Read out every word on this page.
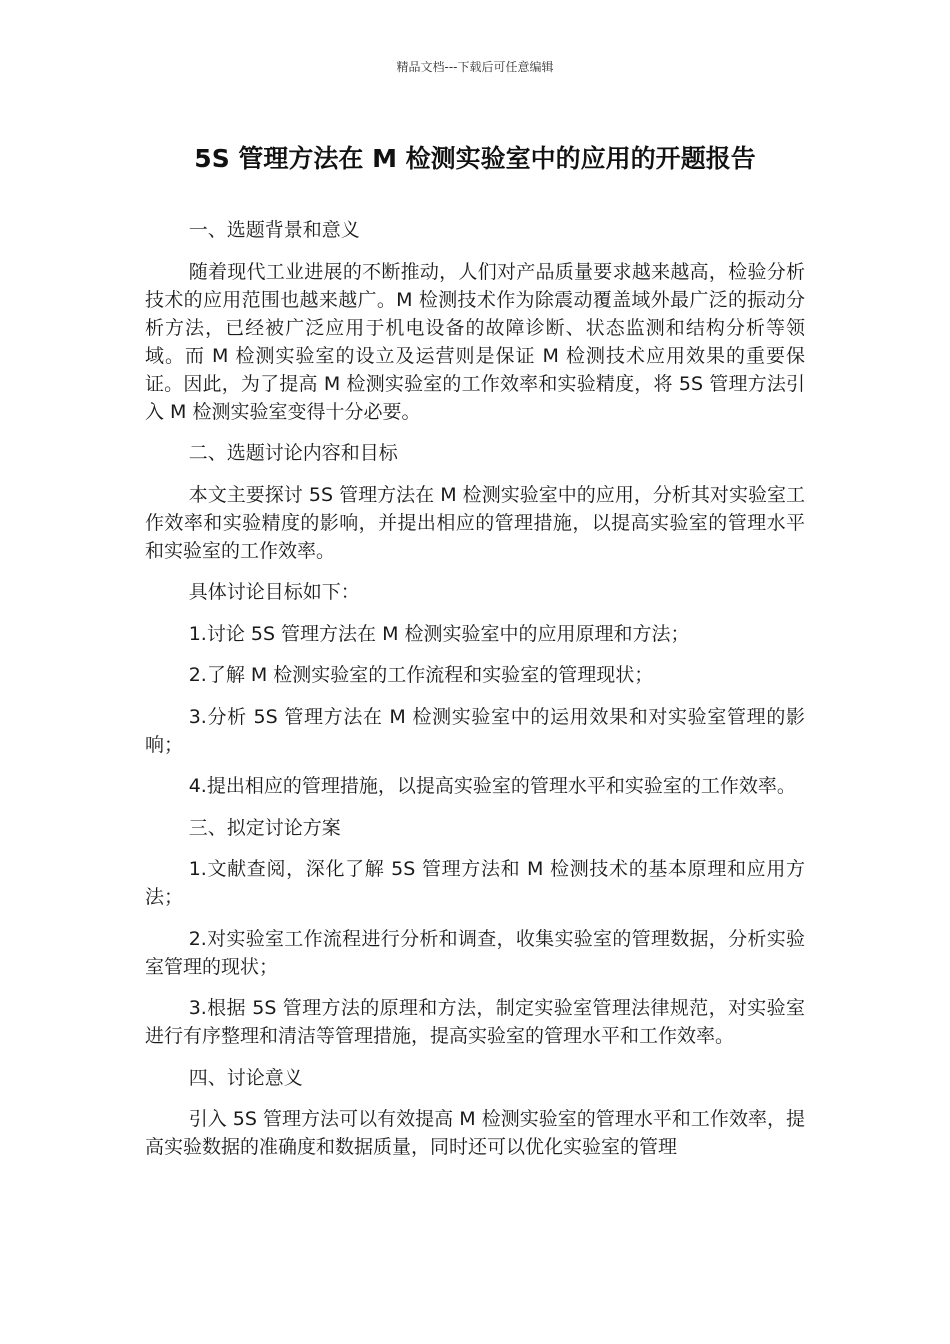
精品文档---下载后可任意编辑
5S 管理方法在 M 检测实验室中的应用的开题报告

一、选题背景和意义

随着现代工业进展的不断推动，人们对产品质量要求越来越高，检验分析技术的应用范围也越来越广。M 检测技术作为除震动覆盖域外最广泛的振动分析方法，已经被广泛应用于机电设备的故障诊断、状态监测和结构分析等领域。而 M 检测实验室的设立及运营则是保证 M 检测技术应用效果的重要保证。因此，为了提高 M 检测实验室的工作效率和实验精度，将 5S 管理方法引入 M 检测实验室变得十分必要。

二、选题讨论内容和目标

本文主要探讨 5S 管理方法在 M 检测实验室中的应用，分析其对实验室工作效率和实验精度的影响，并提出相应的管理措施，以提高实验室的管理水平和实验室的工作效率。

具体讨论目标如下：

1.讨论 5S 管理方法在 M 检测实验室中的应用原理和方法；

2.了解 M 检测实验室的工作流程和实验室的管理现状；

3.分析 5S 管理方法在 M 检测实验室中的运用效果和对实验室管理的影响；

4.提出相应的管理措施，以提高实验室的管理水平和实验室的工作效率。

三、拟定讨论方案

1.文献查阅，深化了解 5S 管理方法和 M 检测技术的基本原理和应用方法；

2.对实验室工作流程进行分析和调查，收集实验室的管理数据，分析实验室管理的现状；

3.根据 5S 管理方法的原理和方法，制定实验室管理法律规范，对实验室进行有序整理和清洁等管理措施，提高实验室的管理水平和工作效率。

四、讨论意义

引入 5S 管理方法可以有效提高 M 检测实验室的管理水平和工作效率，提高实验数据的准确度和数据质量，同时还可以优化实验室的管理
